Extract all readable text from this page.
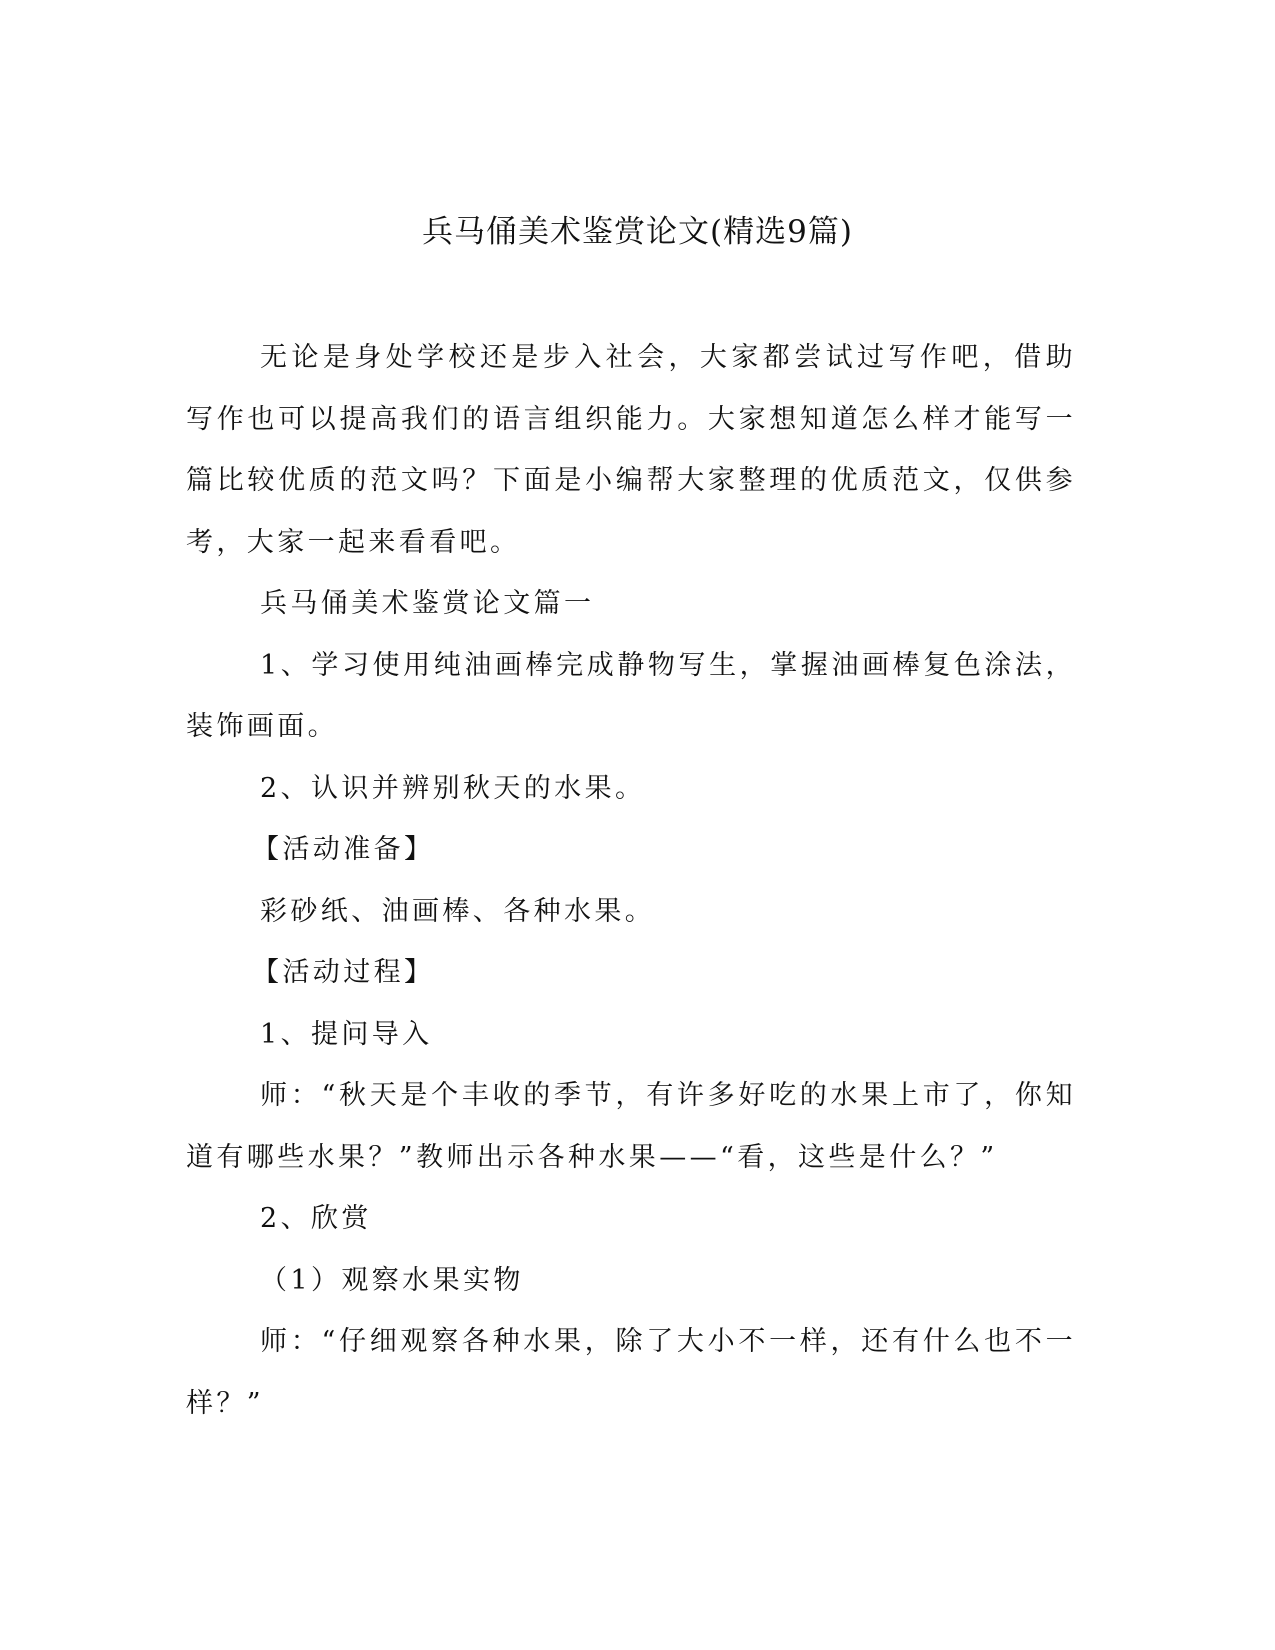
兵马俑美术鉴赏论文(精选9篇)

无论是身处学校还是步入社会，大家都尝试过写作吧，借助写作也可以提高我们的语言组织能力。大家想知道怎么样才能写一篇比较优质的范文吗？下面是小编帮大家整理的优质范文，仅供参考，大家一起来看看吧。

兵马俑美术鉴赏论文篇一

1、学习使用纯油画棒完成静物写生，掌握油画棒复色涂法，装饰画面。

2、认识并辨别秋天的水果。

【活动准备】

彩砂纸、油画棒、各种水果。

【活动过程】

1、提问导入

师：“秋天是个丰收的季节，有许多好吃的水果上市了，你知道有哪些水果？”教师出示各种水果——“看，这些是什么？”

2、欣赏

（1）观察水果实物

师：“仔细观察各种水果，除了大小不一样，还有什么也不一样？”
